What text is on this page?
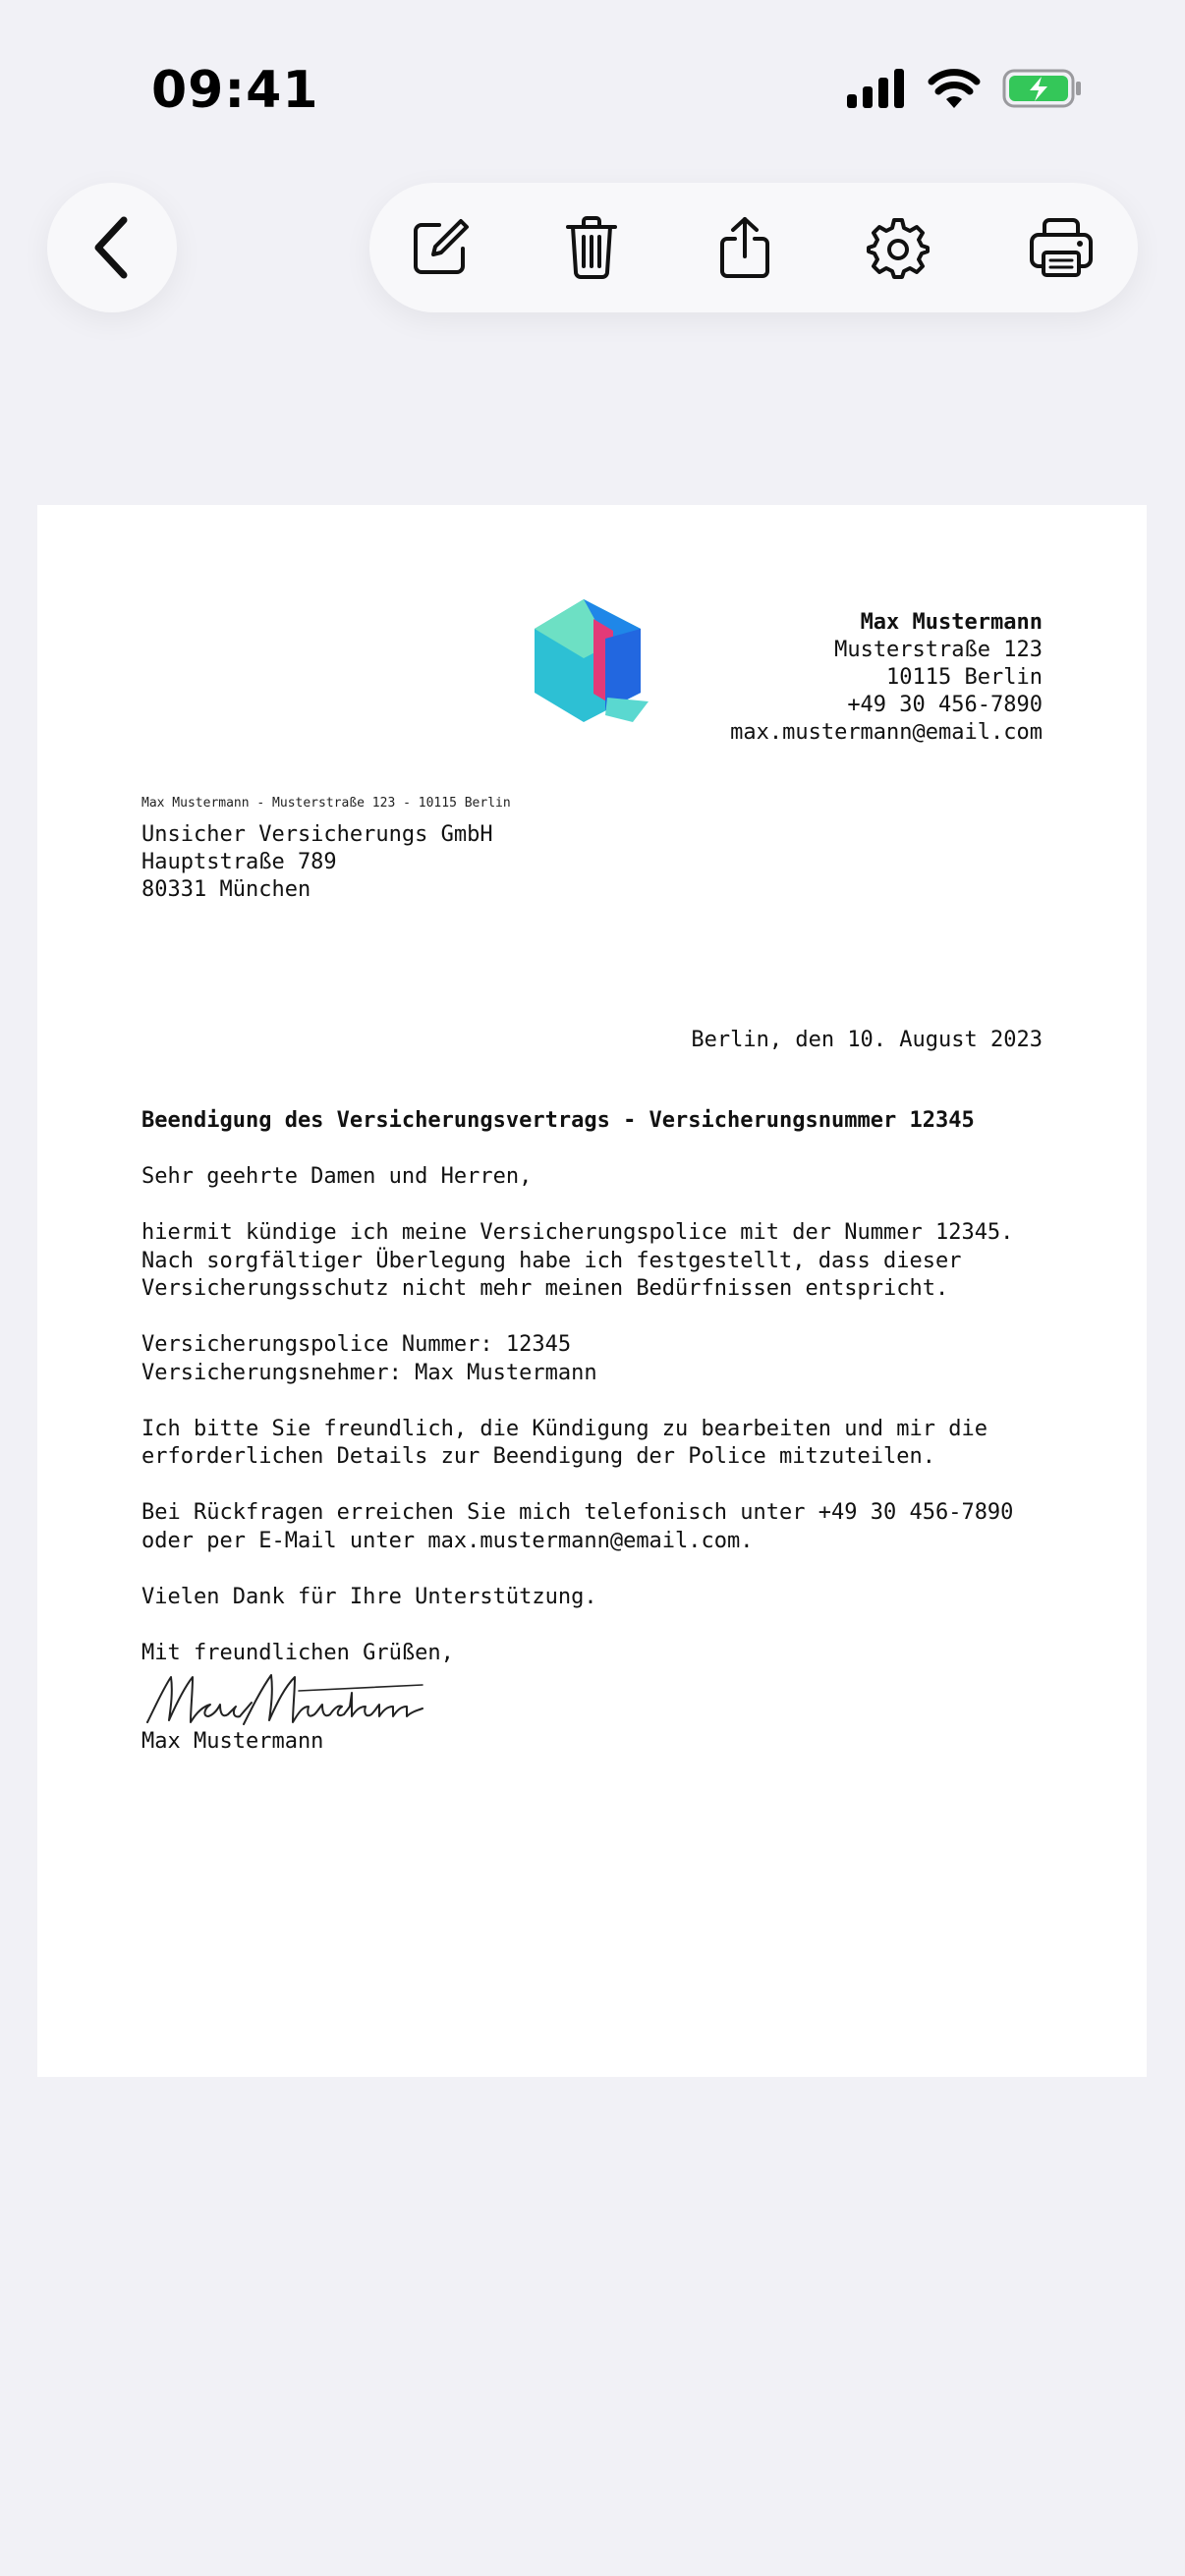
09:41
Max Mustermann
Musterstraße 123
10115 Berlin
+49 30 456-7890
max.mustermann@email.com
Max Mustermann - Musterstraße 123 - 10115 Berlin
Unsicher Versicherungs GmbH
Hauptstraße 789
80331 München
Berlin, den 10. August 2023
Beendigung des Versicherungsvertrags - Versicherungsnummer 12345

Sehr geehrte Damen und Herren,

hiermit kündige ich meine Versicherungspolice mit der Nummer 12345. Nach sorgfältiger Überlegung habe ich festgestellt, dass dieser Versicherungsschutz nicht mehr meinen Bedürfnissen entspricht.

Versicherungspolice Nummer: 12345

Versicherungsnehmer: Max Mustermann

Ich bitte Sie freundlich, die Kündigung zu bearbeiten und mir die erforderlichen Details zur Beendigung der Police mitzuteilen.

Bei Rückfragen erreichen Sie mich telefonisch unter +49 30 456-7890 oder per E-Mail unter max.mustermann@email.com.

Vielen Dank für Ihre Unterstützung.

Mit freundlichen Grüßen,

Max Mustermann
